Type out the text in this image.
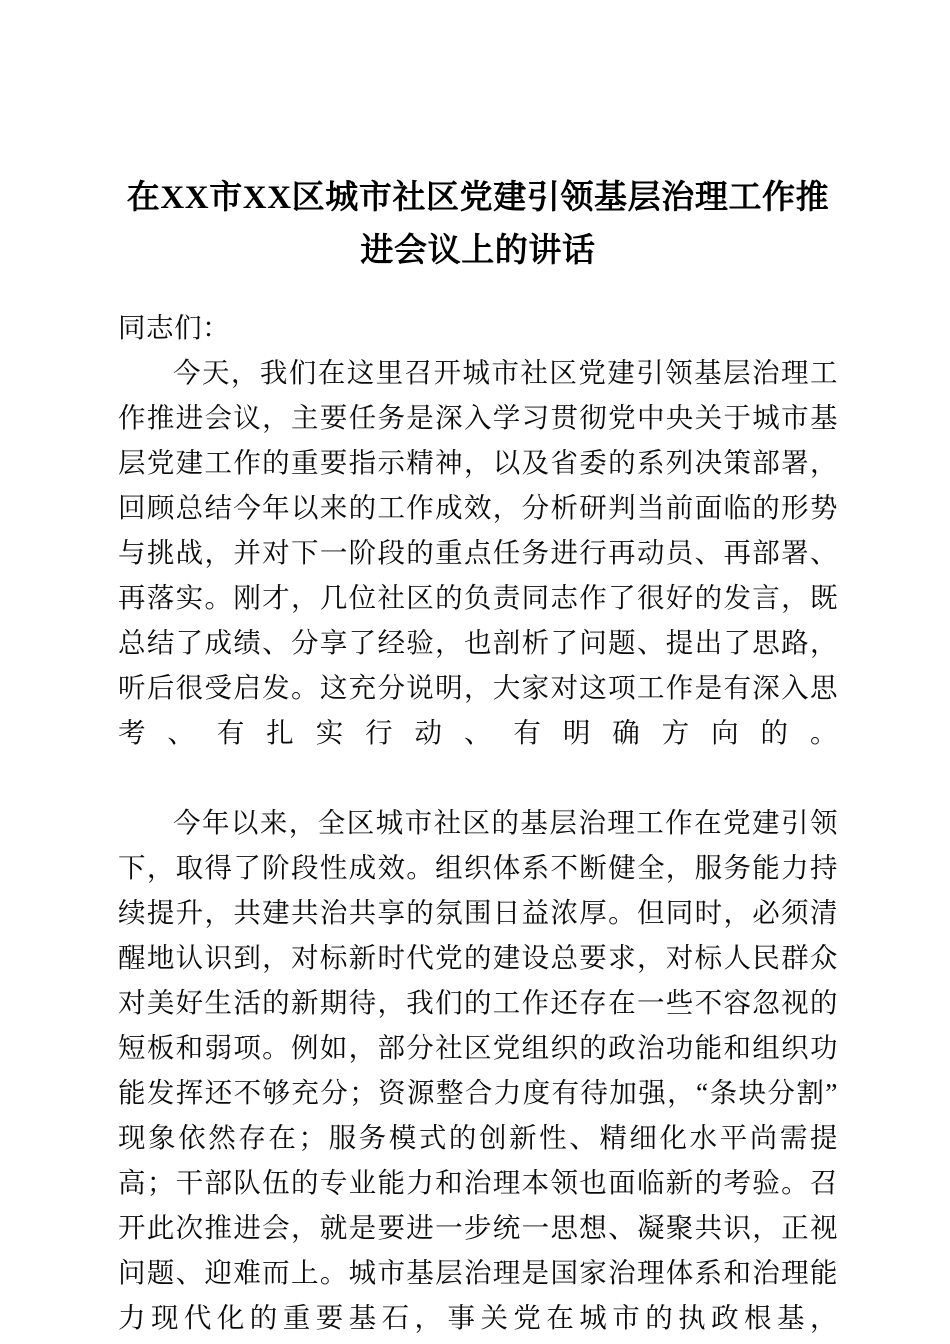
在XX市XX区城市社区党建引领基层治理工作推进会议上的讲话

同志们：

今天，我们在这里召开城市社区党建引领基层治理工作推进会议，主要任务是深入学习贯彻党中央关于城市基层党建工作的重要指示精神，以及省委的系列决策部署，回顾总结今年以来的工作成效，分析研判当前面临的形势与挑战，并对下一阶段的重点任务进行再动员、再部署、再落实。刚才，几位社区的负责同志作了很好的发言，既总结了成绩、分享了经验，也剖析了问题、提出了思路，听后很受启发。这充分说明，大家对这项工作是有深入思考、有扎实行动、有明确方向的。

今年以来，全区城市社区的基层治理工作在党建引领下，取得了阶段性成效。组织体系不断健全，服务能力持续提升，共建共治共享的氛围日益浓厚。但同时，必须清醒地认识到，对标新时代党的建设总要求，对标人民群众对美好生活的新期待，我们的工作还存在一些不容忽视的短板和弱项。例如，部分社区党组织的政治功能和组织功能发挥还不够充分；资源整合力度有待加强，“条块分割”现象依然存在；服务模式的创新性、精细化水平尚需提高；干部队伍的专业能力和治理本领也面临新的考验。召开此次推进会，就是要进一步统一思想、凝聚共识，正视问题、迎难而上。城市基层治理是国家治理体系和治理能力现代化的重要基石，事关党在城市的执政根基，
